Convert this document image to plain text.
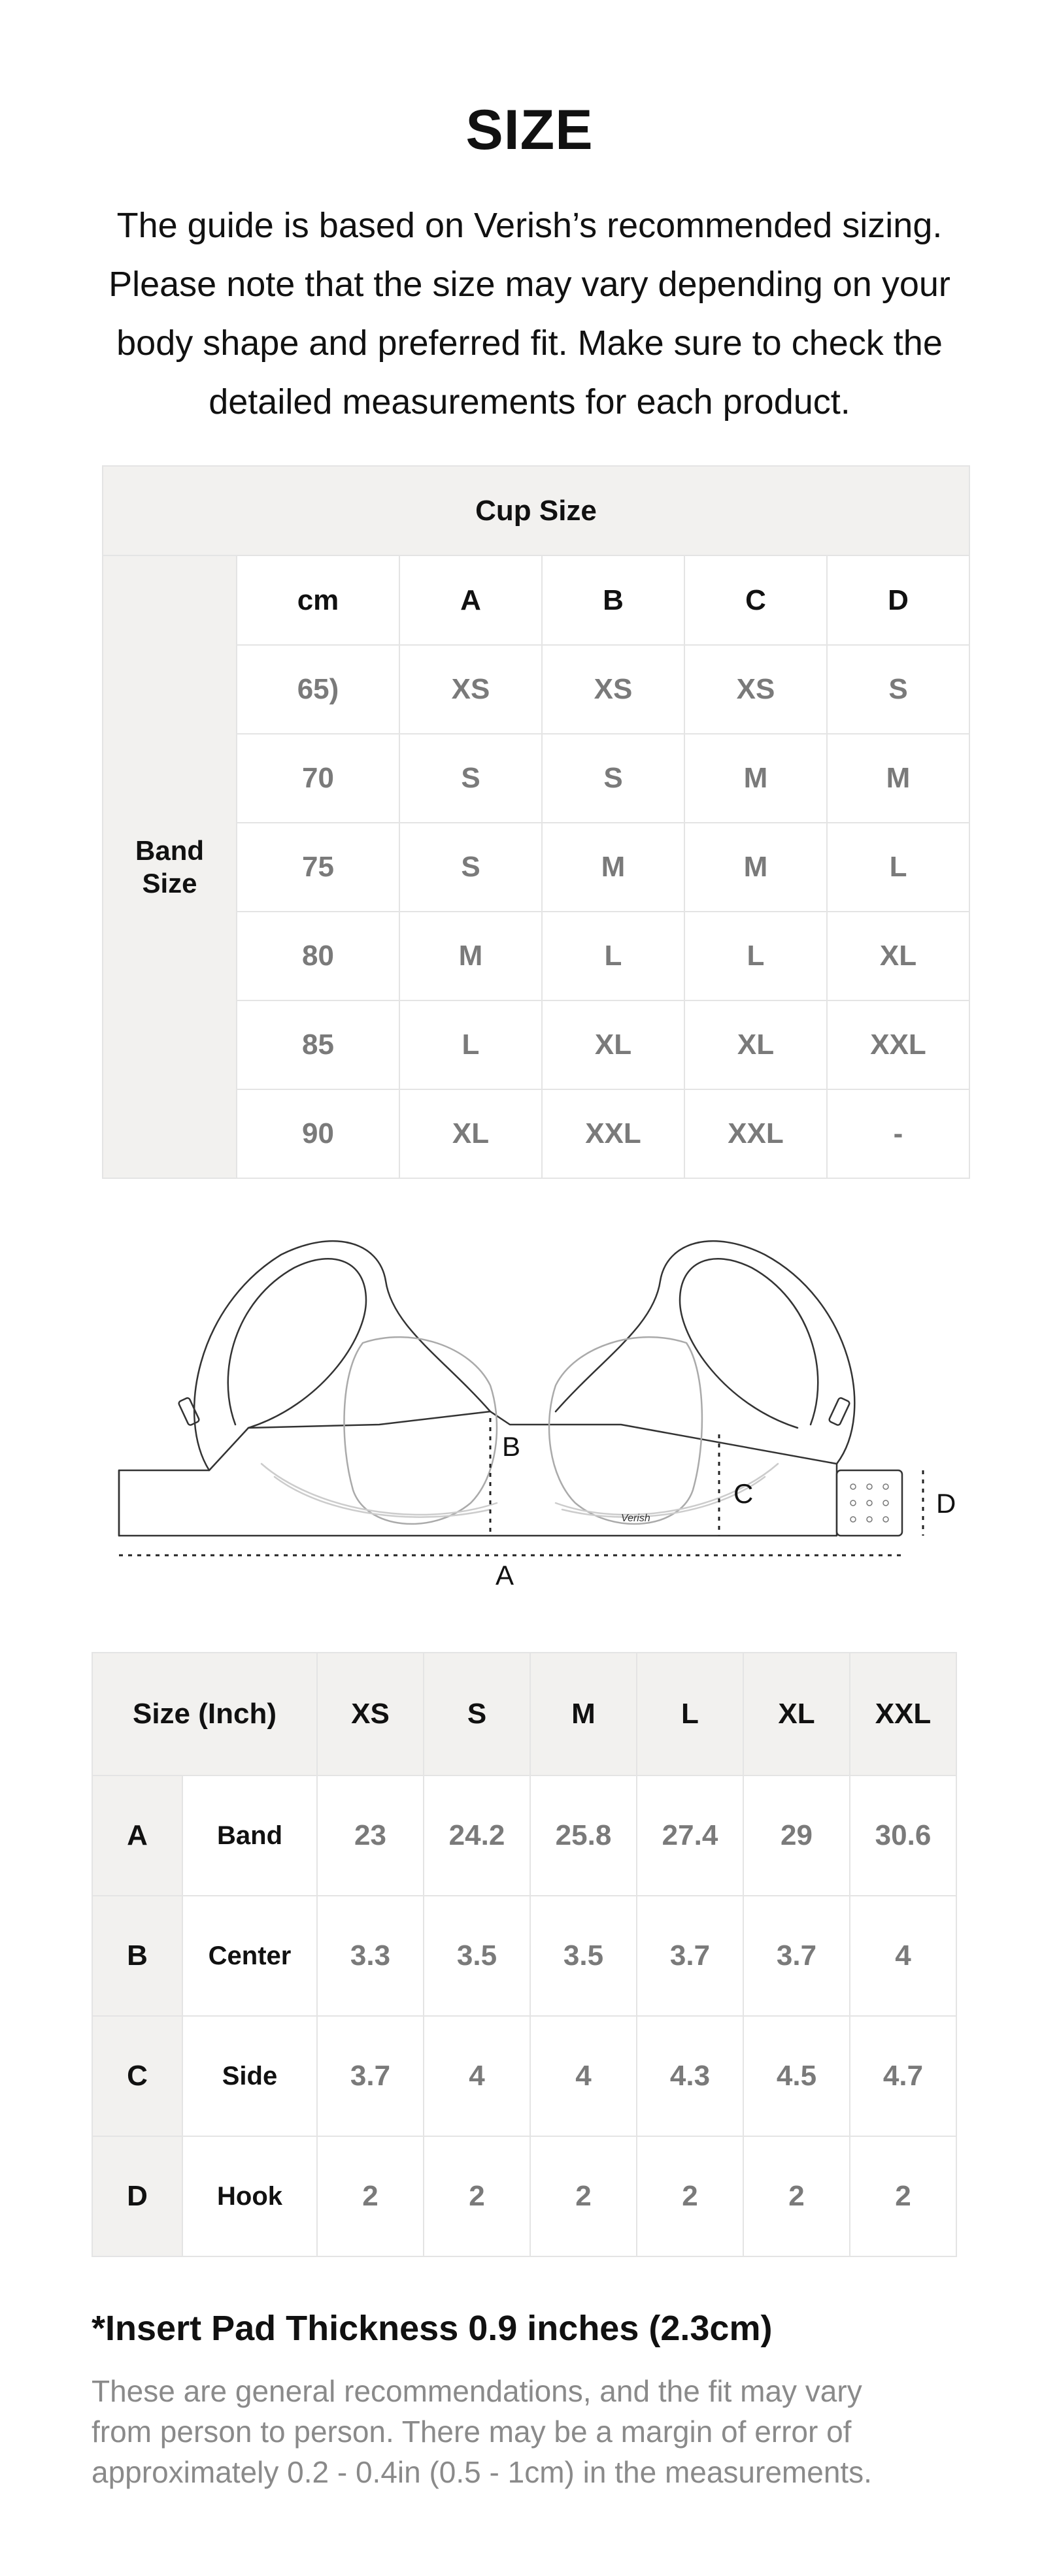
SIZE
The guide is based on Verish’s recommended sizing.
Please note that the size may vary depending on your
body shape and preferred fit. Make sure to check the
detailed measurements for each product.
Cup Size					

Band
Size	cm	A	B	C	D
	65)	XS	XS	XS	S
	70	S	S	M	M
	75	S	M	M	L
	80	M	L	L	XL
	85	L	XL	XL	XXL
	90	XL	XXL	XXL	-
A
B
C	D
Verish
Size (Inch)		XS	S	M	L	XL	XXL
A	Band	23	24.2	25.8	27.4	29	30.6
B	Center	3.3	3.5	3.5	3.7	3.7	4
C	Side	3.7	4	4	4.3	4.5	4.7
D	Hook	2	2	2	2	2	2
*Insert Pad Thickness 0.9 inches (2.3cm)
These are general recommendations, and the fit may vary
from person to person. There may be a margin of error of
approximately 0.2 - 0.4in (0.5 - 1cm) in the measurements.
